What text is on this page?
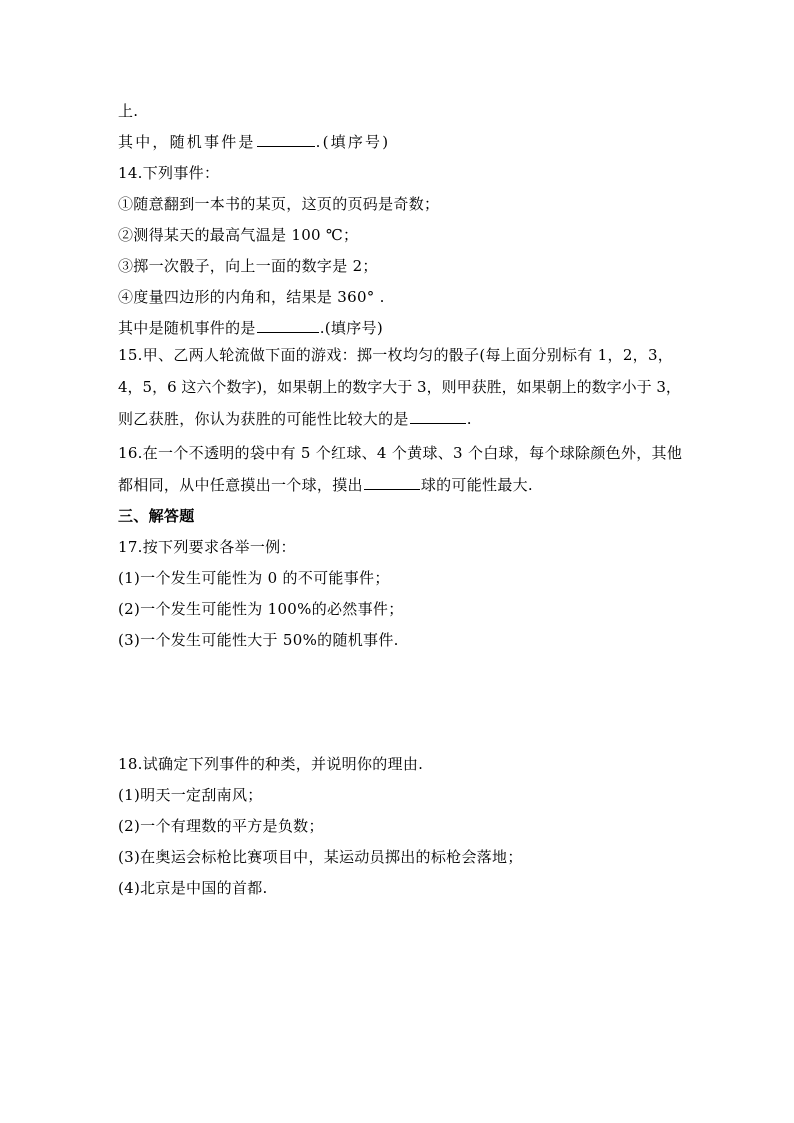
上.
其中，随机事件是	.(填序号)
14.下列事件：
①随意翻到一本书的某页，这页的页码是奇数；
②测得某天的最高气温是 100 ℃；
③掷一次骰子，向上一面的数字是 2；
④度量四边形的内角和，结果是 360° .
其中是随机事件的是	.(填序号)
15.甲、乙两人轮流做下面的游戏：掷一枚均匀的骰子(每上面分别标有 1，2，3，
4，5，6 这六个数字)，如果朝上的数字大于 3，则甲获胜，如果朝上的数字小于 3，
则乙获胜，你认为获胜的可能性比较大的是	.
16.在一个不透明的袋中有 5 个红球、4 个黄球、3 个白球，每个球除颜色外，其他
都相同，从中任意摸出一个球，摸出	球的可能性最大.
三、解答题
17.按下列要求各举一例：
(1)一个发生可能性为 0 的不可能事件；
(2)一个发生可能性为 100%的必然事件；
(3)一个发生可能性大于 50%的随机事件.
18.试确定下列事件的种类，并说明你的理由.
(1)明天一定刮南风；
(2)一个有理数的平方是负数；
(3)在奥运会标枪比赛项目中，某运动员掷出的标枪会落地；
(4)北京是中国的首都.
